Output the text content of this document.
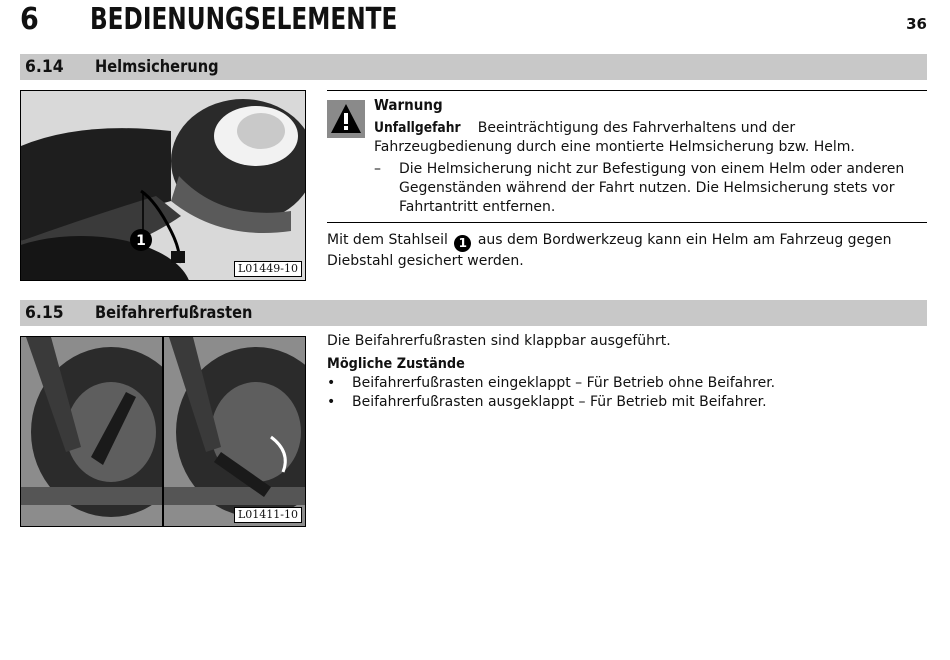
6 BEDIENUNGSELEMENTE	36
6.14 Helmsicherung
1
L01449-10
Warnung
Unfallgefahr Beeinträchtigung des Fahrverhaltens und der Fahrzeugbedienung durch eine montierte Helmsicherung bzw. Helm.
–	Die Helmsicherung nicht zur Befestigung von einem Helm oder anderen Gegenständen während der Fahrt nutzen. Die Helmsicherung stets vor Fahrtantritt entfernen.
Mit dem Stahlseil 1 aus dem Bordwerkzeug kann ein Helm am Fahrzeug gegen Diebstahl gesichert werden.
6.15 Beifahrerfußrasten
L01411-10
Die Beifahrerfußrasten sind klappbar ausgeführt.
Mögliche Zustände
• Beifahrerfußrasten eingeklappt – Für Betrieb ohne Beifahrer.
• Beifahrerfußrasten ausgeklappt – Für Betrieb mit Beifahrer.
